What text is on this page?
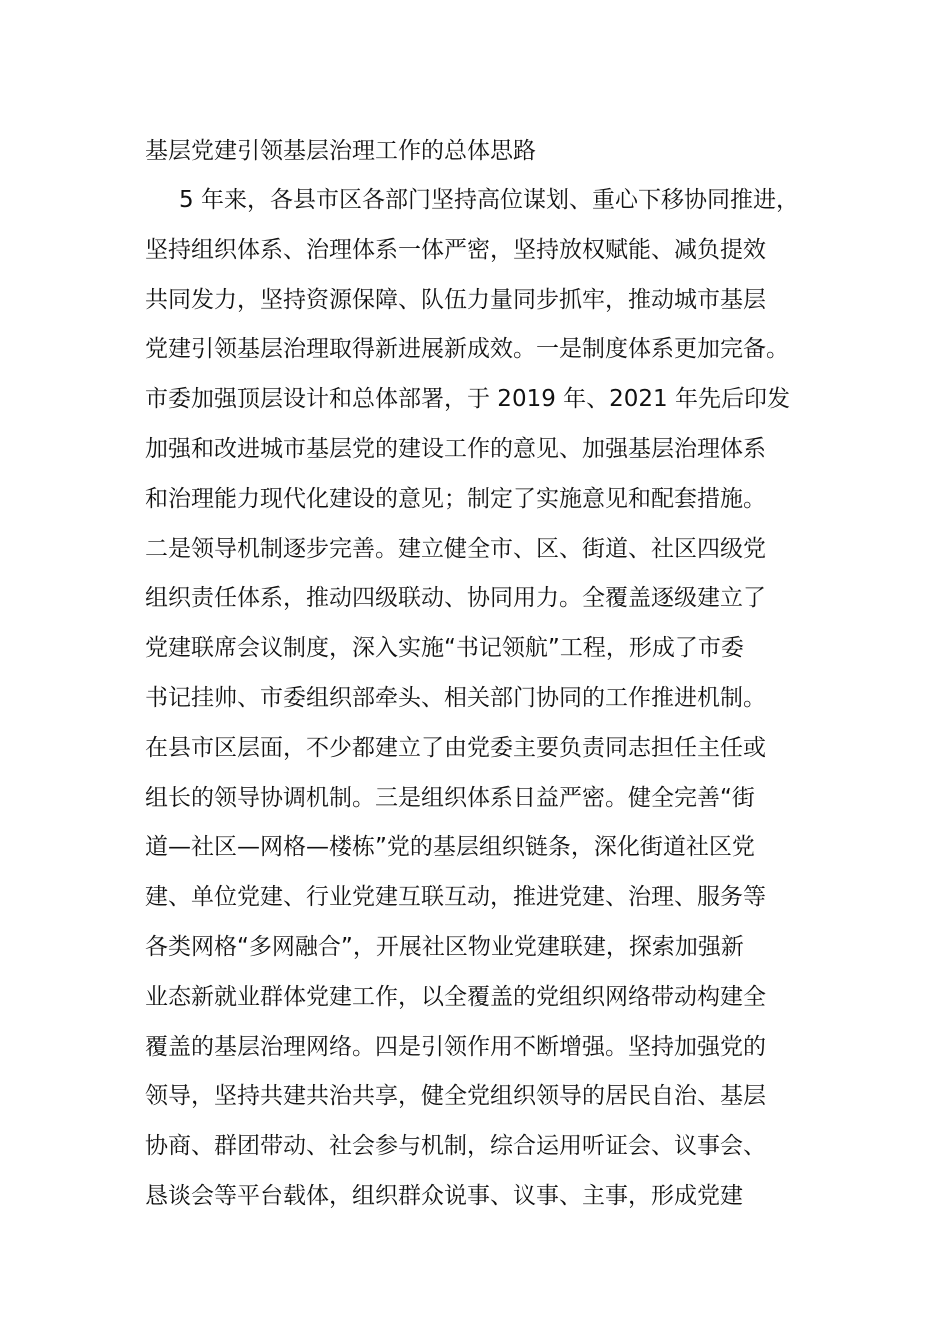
基层党建引领基层治理工作的总体思路
5 年来，各县市区各部门坚持高位谋划、重心下移协同推进，
坚持组织体系、治理体系一体严密，坚持放权赋能、减负提效
共同发力，坚持资源保障、队伍力量同步抓牢，推动城市基层
党建引领基层治理取得新进展新成效。一是制度体系更加完备。
市委加强顶层设计和总体部署，于 2019 年、2021 年先后印发
加强和改进城市基层党的建设工作的意见、加强基层治理体系
和治理能力现代化建设的意见；制定了实施意见和配套措施。
二是领导机制逐步完善。建立健全市、区、街道、社区四级党
组织责任体系，推动四级联动、协同用力。全覆盖逐级建立了
党建联席会议制度，深入实施“书记领航”工程，形成了市委
书记挂帅、市委组织部牵头、相关部门协同的工作推进机制。
在县市区层面，不少都建立了由党委主要负责同志担任主任或
组长的领导协调机制。三是组织体系日益严密。健全完善“街
道—社区—网格—楼栋”党的基层组织链条，深化街道社区党
建、单位党建、行业党建互联互动，推进党建、治理、服务等
各类网格“多网融合”，开展社区物业党建联建，探索加强新
业态新就业群体党建工作，以全覆盖的党组织网络带动构建全
覆盖的基层治理网络。四是引领作用不断增强。坚持加强党的
领导，坚持共建共治共享，健全党组织领导的居民自治、基层
协商、群团带动、社会参与机制，综合运用听证会、议事会、
恳谈会等平台载体，组织群众说事、议事、主事，形成党建
